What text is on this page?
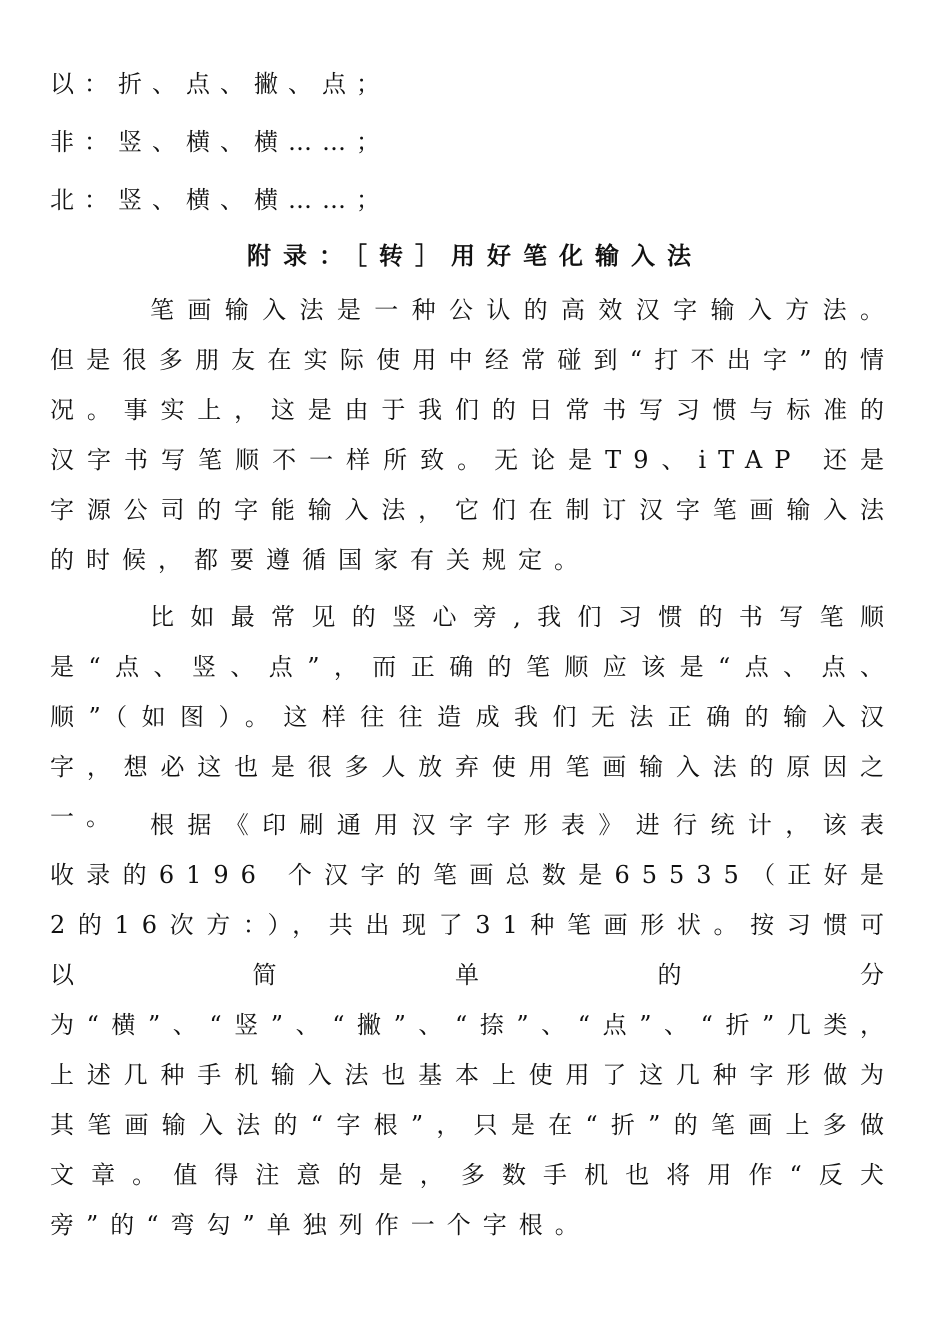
以：折、点、撇、点；
非：竖、横、横……；
北：竖、横、横……；
附录：［转］用好笔化输入法
笔画输入法是一种公认的高效汉字输入方法。但是很多朋友在实际使用中经常碰到“打不出字”的情况。事实上，这是由于我们的日常书写习惯与标准的汉字书写笔顺不一样所致。无论是T9、iTAP 还是字源公司的字能输入法，它们在制订汉字笔画输入法的时候，都要遵循国家有关规定。
比如最常见的竖心旁,我们习惯的书写笔顺是“点、竖、点”，而正确的笔顺应该是“点、点、顺”（如图）。这样往往造成我们无法正确的输入汉字，想必这也是很多人放弃使用笔画输入法的原因之一。	根据《印刷通用汉字字形表》进行统计，该表收录的6196 个汉字的笔画总数是65535（正好是2的16次方：），共出现了31种笔画形状。按习惯可以简单的分为“横”、“竖”、“撇”、“捺”、“点”、“折”几类，上述几种手机输入法也基本上使用了这几种字形做为其笔画输入法的“字根”，只是在“折”的笔画上多做文章。值得注意的是，多数手机也将用作“反犬旁”的“弯勾”单独列作一个字根。
